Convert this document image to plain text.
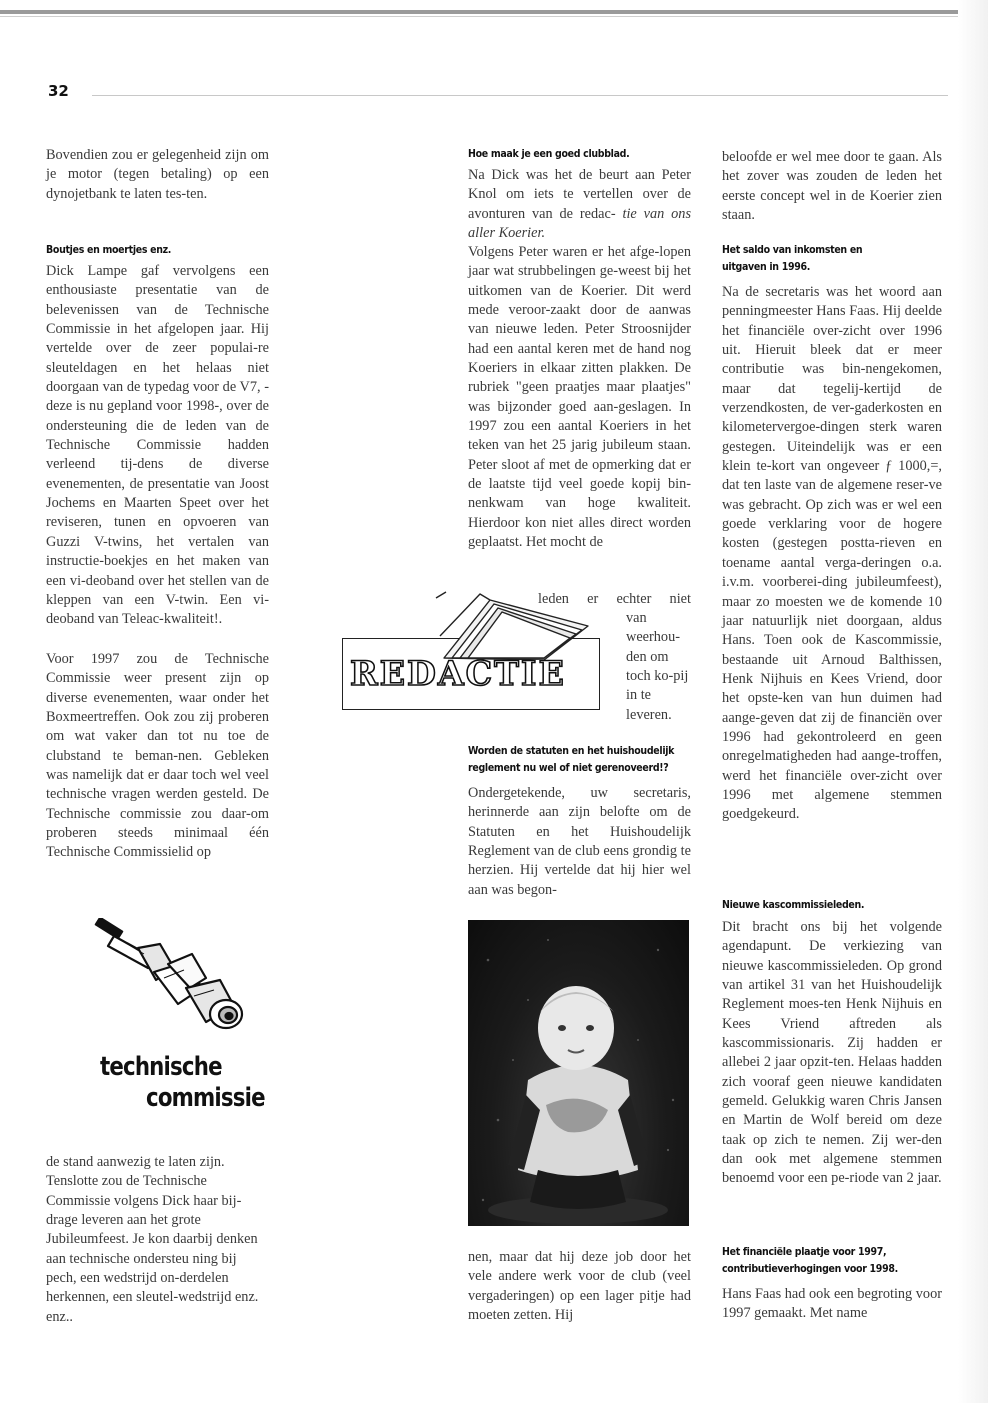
32

Bovendien zou er gelegenheid zijn om je motor (tegen betaling) op een dynojetbank te laten tes-ten.

Boutjes en moertjes enz.

Dick Lampe gaf vervolgens een enthousiaste presentatie van de belevenissen van de Technische Commissie in het afgelopen jaar. Hij vertelde over de zeer populai-re sleuteldagen en het helaas niet doorgaan van de typedag voor de V7, -deze is nu gepland voor 1998-, over de ondersteuning die de leden van de Technische Commissie hadden verleend tij-dens de diverse evenementen, de presentatie van Joost Jochems en Maarten Speet over het reviseren, tunen en opvoeren van Guzzi V-twins, het vertalen van instructie-boekjes en het maken van een vi-deoband over het stellen van de kleppen van een V-twin. Een vi-deoband van Teleac-kwaliteit!.

Voor 1997 zou de Technische Commissie weer present zijn op diverse evenementen, waar onder het Boxmeertreffen. Ook zou zij proberen om wat vaker dan tot nu toe de clubstand te beman-nen. Gebleken was namelijk dat er daar toch wel veel technische vragen werden gesteld. De Technische commissie zou daar-om proberen steeds minimaal één Technische Commissielid op

technische
commissie

de stand aanwezig te laten zijn. Tenslotte zou de Technische Commissie volgens Dick haar bij-drage leveren aan het grote Jubileumfeest. Je kon daarbij denken aan technische ondersteu ning bij pech, een wedstrijd on-derdelen herkennen, een sleutel-wedstrijd enz. enz..

Hoe maak je een goed clubblad.

Na Dick was het de beurt aan Peter Knol om iets te vertellen over de avonturen van de redac- tie van ons aller Koerier.

Volgens Peter waren er het afge-lopen jaar wat strubbelingen ge-weest bij het uitkomen van de Koerier. Dit werd mede veroor-zaakt door de aanwas van nieuwe leden. Peter Stroosnijder had een aantal keren met de hand nog Koeriers in elkaar zitten plakken. De rubriek "geen praatjes maar plaatjes" was bijzonder goed aan-geslagen. In 1997 zou een aantal Koeriers in het teken van het 25 jarig jubileum staan. Peter sloot af met de opmerking dat er de laatste tijd veel goede kopij bin-nenkwam van hoge kwaliteit. Hierdoor kon niet alles direct worden geplaatst. Het mocht de

leden er echter niet

van weerhou-den om toch ko-pij in te leveren.

REDACTIE
Worden de statuten en het huishoudelijk reglement nu wel of niet gerenoveerd!?

Ondergetekende, uw secretaris, herinnerde aan zijn belofte om de Statuten en het Huishoudelijk Reglement van de club eens grondig te herzien. Hij vertelde dat hij hier wel aan was begon-

nen, maar dat hij deze job door het vele andere werk voor de club (veel vergaderingen) op een lager pitje had moeten zetten. Hij

beloofde er wel mee door te gaan. Als het zover was zouden de leden het eerste concept wel in de Koerier zien staan.

Het saldo van inkomsten en uitgaven in 1996.

Na de secretaris was het woord aan penningmeester Hans Faas. Hij deelde het financiële over-zicht over 1996 uit. Hieruit bleek dat er meer contributie was bin-nengekomen, maar dat tegelij-kertijd de verzendkosten, de ver-gaderkosten en kilometervergoe-dingen sterk waren gestegen. Uiteindelijk was er een klein te-kort van ongeveer ƒ 1000,=, dat ten laste van de algemene reser-ve was gebracht. Op zich was er wel een goede verklaring voor de hogere kosten (gestegen postta-rieven en toename aantal verga-deringen o.a. i.v.m. voorberei-ding jubileumfeest), maar zo moesten we de komende 10 jaar natuurlijk niet doorgaan, aldus Hans. Toen ook de Kascommissie, bestaande uit Arnoud Balthissen, Henk Nijhuis en Kees Vriend, door het opste-ken van hun duimen had aange-geven dat zij de financiën over 1996 had gekontroleerd en geen onregelmatigheden had aange-troffen, werd het financiële over-zicht over 1996 met algemene stemmen goedgekeurd.

Nieuwe kascommissieleden.

Dit bracht ons bij het volgende agendapunt. De verkiezing van nieuwe kascommissieleden. Op grond van artikel 31 van het Huishoudelijk Reglement moes-ten Henk Nijhuis en Kees Vriend aftreden als kascommissionaris. Zij hadden er allebei 2 jaar opzit-ten. Helaas hadden zich vooraf geen nieuwe kandidaten gemeld. Gelukkig waren Chris Jansen en Martin de Wolf bereid om deze taak op zich te nemen. Zij wer-den dan ook met algemene stemmen benoemd voor een pe-riode van 2 jaar.

Het financiële plaatje voor 1997, contributieverhogingen voor 1998.

Hans Faas had ook een begroting voor 1997 gemaakt. Met name
